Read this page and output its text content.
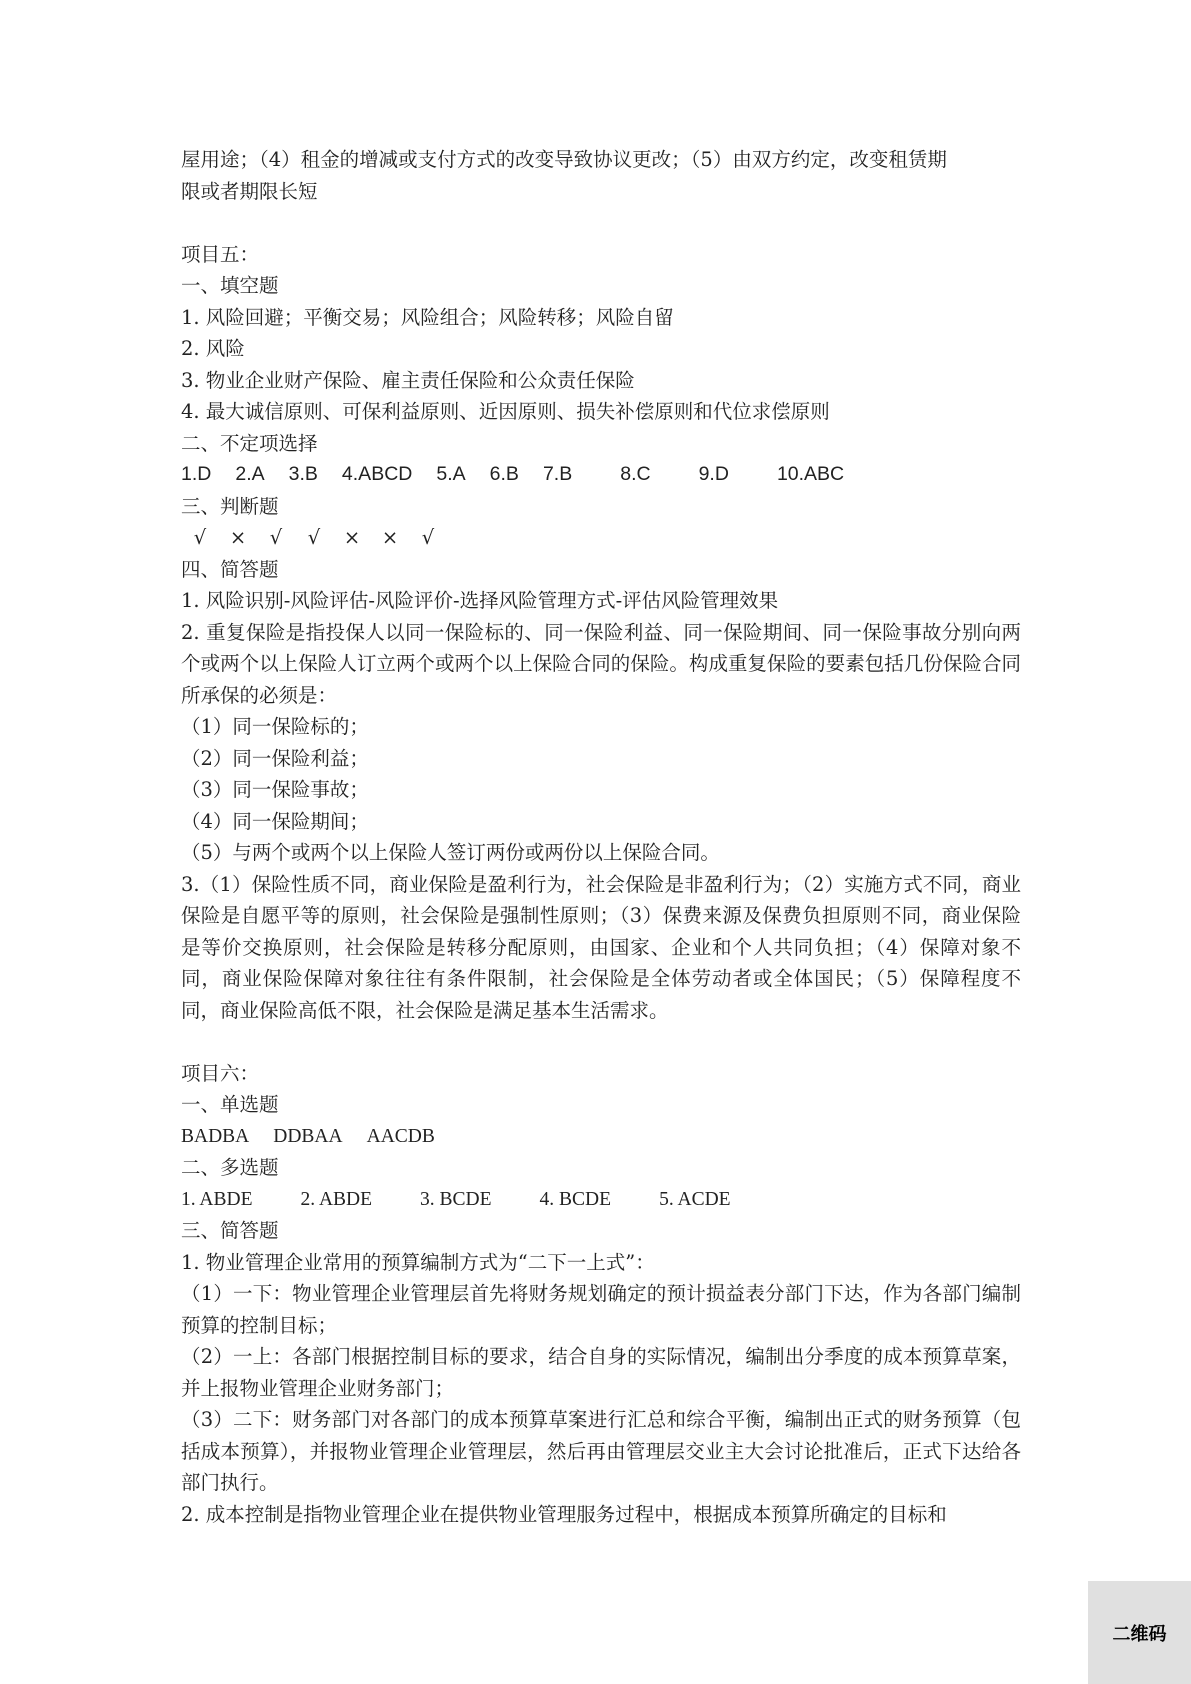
屋用途；（4）租金的增减或支付方式的改变导致协议更改；（5）由双方约定，改变租赁期
限或者期限长短
项目五：
一、填空题
1. 风险回避；平衡交易；风险组合；风险转移；风险自留
2. 风险
3. 物业企业财产保险、雇主责任保险和公众责任保险
4. 最大诚信原则、可保利益原则、近因原则、损失补偿原则和代位求偿原则
二、不定项选择
1.D 2.A 3.B 4.ABCD 5.A 6.B 7.B 8.C 9.D 10.ABC
三、判断题
√ × √ √ × × √
四、简答题
1. 风险识别-风险评估-风险评价-选择风险管理方式-评估风险管理效果
2. 重复保险是指投保人以同一保险标的、同一保险利益、同一保险期间、同一保险事故分别向两个或两个以上保险人订立两个或两个以上保险合同的保险。构成重复保险的要素包括几份保险合同所承保的必须是：
（1）同一保险标的；
（2）同一保险利益；
（3）同一保险事故；
（4）同一保险期间；
（5）与两个或两个以上保险人签订两份或两份以上保险合同。
3.（1）保险性质不同，商业保险是盈利行为，社会保险是非盈利行为；（2）实施方式不同，商业保险是自愿平等的原则，社会保险是强制性原则；（3）保费来源及保费负担原则不同，商业保险是等价交换原则，社会保险是转移分配原则，由国家、企业和个人共同负担；（4）保障对象不同，商业保险保障对象往往有条件限制，社会保险是全体劳动者或全体国民；（5）保障程度不同，商业保险高低不限，社会保险是满足基本生活需求。
项目六：
一、单选题
BADBA DDBAA AACDB
二、多选题
1. ABDE 2. ABDE 3. BCDE 4. BCDE 5. ACDE
三、简答题
1. 物业管理企业常用的预算编制方式为“二下一上式”：
（1）一下：物业管理企业管理层首先将财务规划确定的预计损益表分部门下达，作为各部门编制预算的控制目标；
（2）一上：各部门根据控制目标的要求，结合自身的实际情况，编制出分季度的成本预算草案，并上报物业管理企业财务部门；
（3）二下：财务部门对各部门的成本预算草案进行汇总和综合平衡，编制出正式的财务预算（包括成本预算），并报物业管理企业管理层，然后再由管理层交业主大会讨论批准后，正式下达给各部门执行。
2. 成本控制是指物业管理企业在提供物业管理服务过程中，根据成本预算所确定的目标和
二维码
